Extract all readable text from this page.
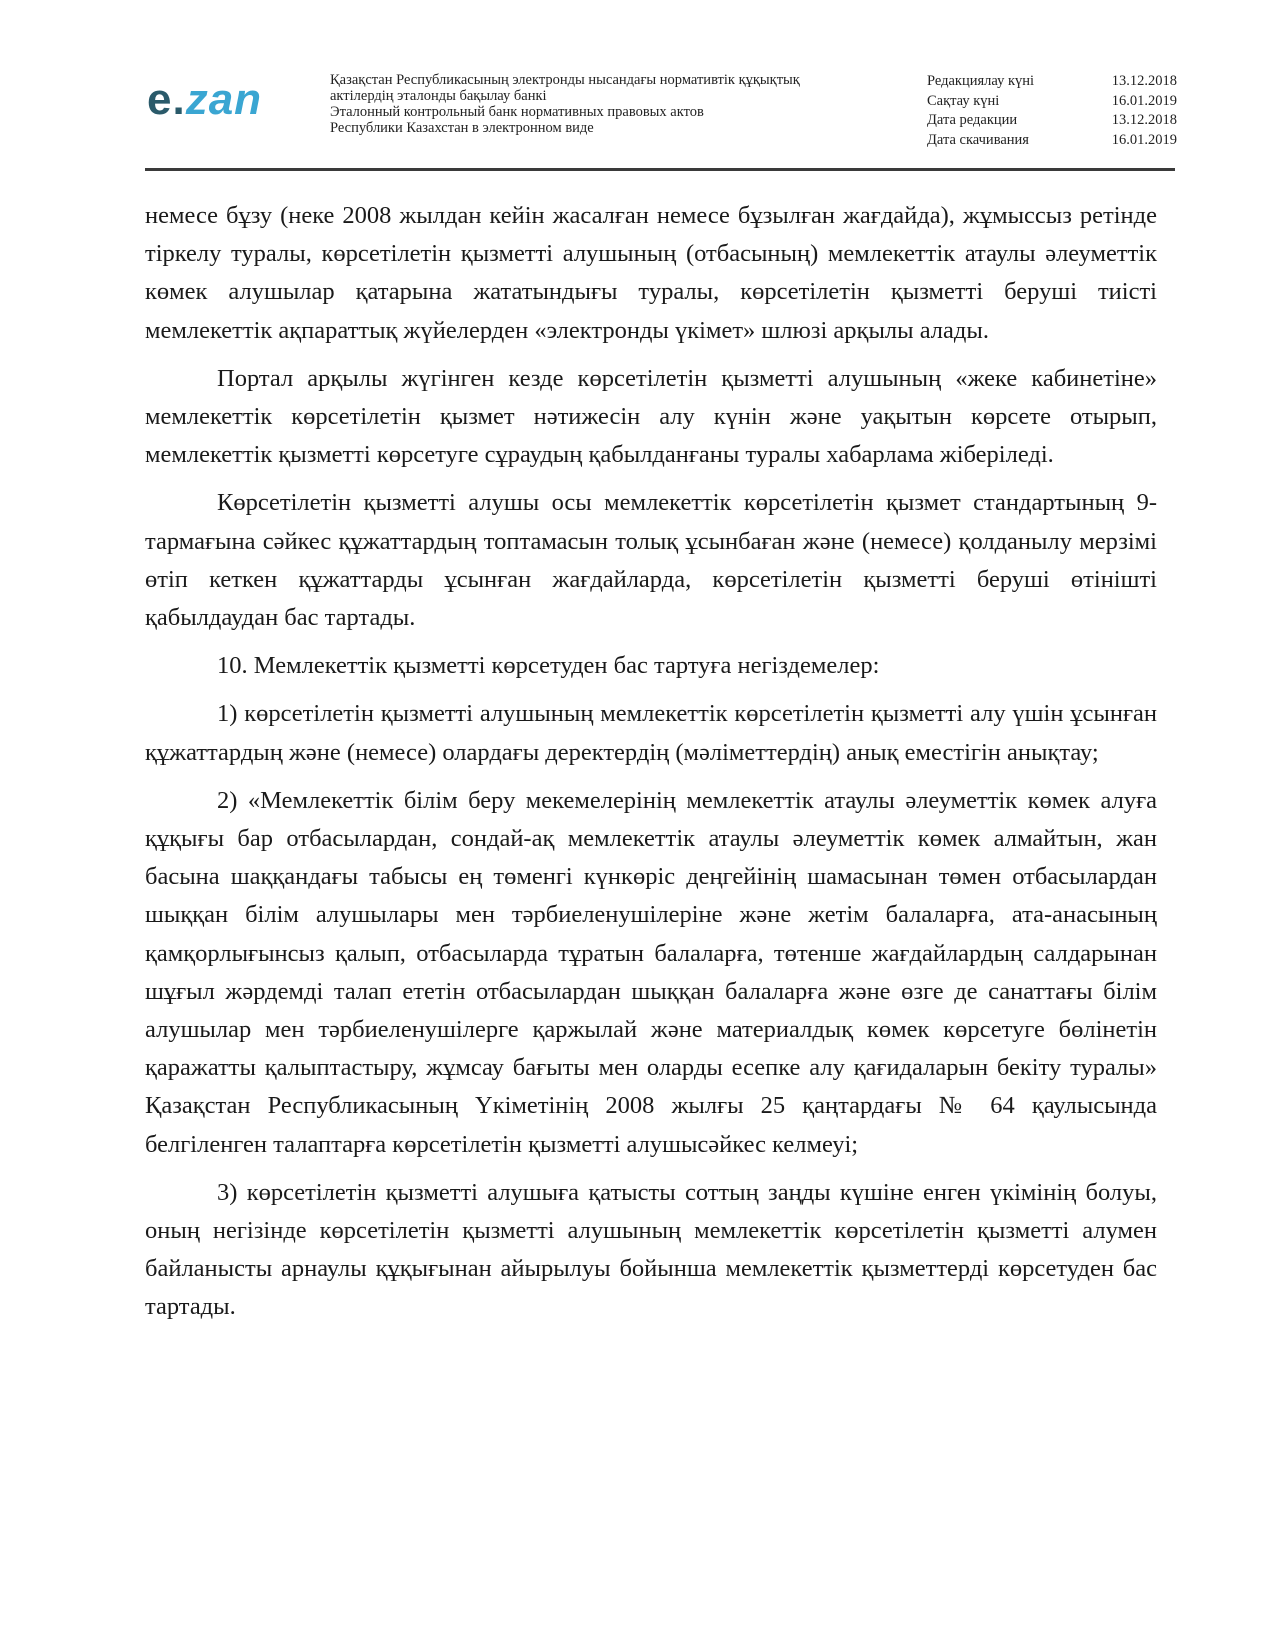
e.zan	Қазақстан Республикасының электронды нысандағы нормативтік құқықтық
актілердің эталонды бақылау банкі
Эталонный контрольный банк нормативных правовых актов
Республики Казахстан в электронном виде
Редакциялау күні	13.12.2018
Сақтау күні	16.01.2019
Дата редакции	13.12.2018
Дата скачивания	16.01.2019

немесе бұзу (неке 2008 жылдан кейін жасалған немесе бұзылған жағдайда), жұмыссыз ретінде тіркелу туралы, көрсетілетін қызметті алушының (отбасының) мемлекеттік атаулы әлеуметтік көмек алушылар қатарына жататындығы туралы, көрсетілетін қызметті беруші тиісті мемлекеттік ақпараттық жүйелерден «электронды үкімет» шлюзі арқылы алады.

Портал арқылы жүгінген кезде көрсетілетін қызметті алушының «жеке кабинетіне» мемлекеттік көрсетілетін қызмет нәтижесін алу күнін және уақытын көрсете отырып, мемлекеттік қызметті көрсетуге сұраудың қабылданғаны туралы хабарлама жіберіледі.

Көрсетілетін қызметті алушы осы мемлекеттік көрсетілетін қызмет стандартының 9-тармағына сәйкес құжаттардың топтамасын толық ұсынбаған және (немесе) қолданылу мерзімі өтіп кеткен құжаттарды ұсынған жағдайларда, көрсетілетін қызметті беруші өтінішті қабылдаудан бас тартады.

10. Мемлекеттік қызметті көрсетуден бас тартуға негіздемелер:

1) көрсетілетін қызметті алушының мемлекеттік көрсетілетін қызметті алу үшін ұсынған құжаттардың және (немесе) олардағы деректердің (мәліметтердің) анық еместігін анықтау;

2) «Мемлекеттік білім беру мекемелерінің мемлекеттік атаулы әлеуметтік көмек алуға құқығы бар отбасылардан, сондай-ақ мемлекеттік атаулы әлеуметтік көмек алмайтын, жан басына шаққандағы табысы ең төменгі күнкөріс деңгейінің шамасынан төмен отбасылардан шыққан білім алушылары мен тәрбиеленушілеріне және жетім балаларға, ата-анасының қамқорлығынсыз қалып, отбасыларда тұратын балаларға, төтенше жағдайлардың салдарынан шұғыл жәрдемді талап ететін отбасылардан шыққан балаларға және өзге де санаттағы білім алушылар мен тәрбиеленушілерге қаржылай және материалдық көмек көрсетуге бөлінетін қаражатты қалыптастыру, жұмсау бағыты мен оларды есепке алу қағидаларын бекіту туралы» Қазақстан Республикасының Үкіметінің 2008 жылғы 25 қаңтардағы № 64 қаулысында белгіленген талаптарға көрсетілетін қызметті алушысәйкес келмеуі;

3) көрсетілетін қызметті алушыға қатысты соттың заңды күшіне енген үкімінің болуы, оның негізінде көрсетілетін қызметті алушының мемлекеттік көрсетілетін қызметті алумен байланысты арнаулы құқығынан айырылуы бойынша мемлекеттік қызметтерді көрсетуден бас тартады.
